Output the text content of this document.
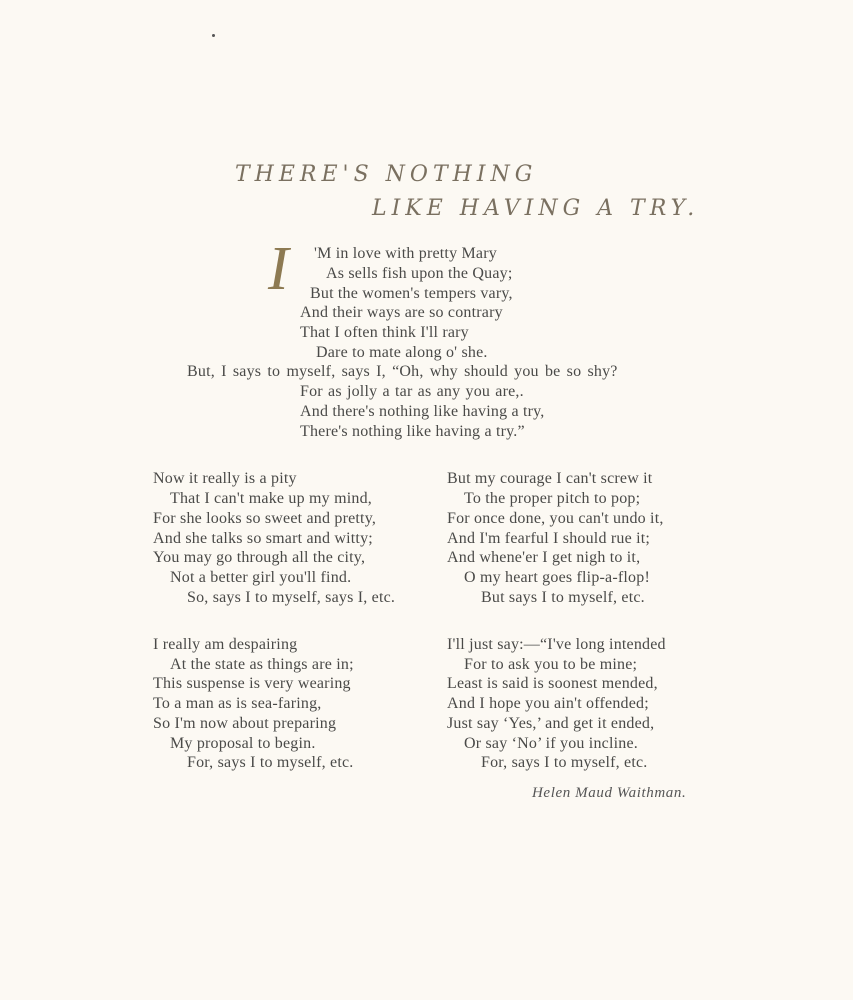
THERE'S NOTHING
LIKE HAVING A TRY.
I 'M in love with pretty Mary
As sells fish upon the Quay;
But the women's tempers vary,
And their ways are so contrary
That I often think I'll rary
Dare to mate along o' she.
But, I says to myself, says I, “Oh, why should you be so shy?
For as jolly a tar as any you are,.
And there's nothing like having a try,
There's nothing like having a try.”
Now it really is a pity
That I can't make up my mind,
For she looks so sweet and pretty,
And she talks so smart and witty;
You may go through all the city,
Not a better girl you'll find.
So, says I to myself, says I, etc.
But my courage I can't screw it
To the proper pitch to pop;
For once done, you can't undo it,
And I'm fearful I should rue it;
And whene'er I get nigh to it,
O my heart goes flip-a-flop!
But says I to myself, etc.
I really am despairing
At the state as things are in;
This suspense is very wearing
To a man as is sea-faring,
So I'm now about preparing
My proposal to begin.
For, says I to myself, etc.
I'll just say:—“I've long intended
For to ask you to be mine;
Least is said is soonest mended,
And I hope you ain't offended;
Just say ‘Yes,’ and get it ended,
Or say ‘No’ if you incline.
For, says I to myself, etc.
Helen Maud Waithman.
